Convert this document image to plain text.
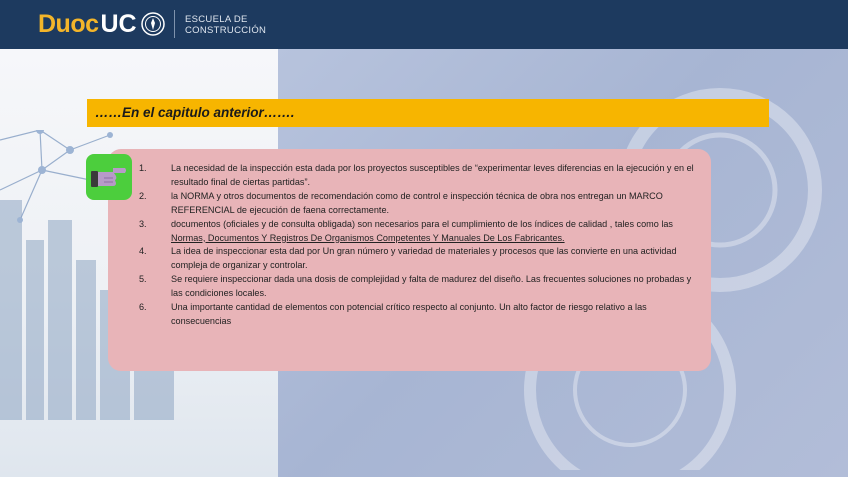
Duoc UC	ESCUELA DE
CONSTRUCCIÓN
……En el capitulo anterior…….
1.	La necesidad de la inspección esta dada por los proyectos susceptibles de “experimentar leves diferencias en la ejecución y en el resultado final de ciertas partidas”.
2.	la NORMA y otros documentos de recomendación como de control e inspección técnica de obra nos entregan un MARCO REFERENCIAL de ejecución de faena correctamente.
3.	documentos (oficiales y de consulta obligada) son necesarios para el cumplimiento de los índices de calidad , tales como las Normas, Documentos Y Registros De Organismos Competentes Y Manuales De Los Fabricantes.
4.	La idea de inspeccionar esta dad por Un gran número y variedad de materiales y procesos que las convierte en una actividad compleja de organizar y controlar.
5.	Se requiere inspeccionar dada una dosis de complejidad y falta de madurez del diseño. Las frecuentes soluciones no probadas y las condiciones locales.
6.	Una importante cantidad de elementos con potencial crítico respecto al conjunto. Un alto factor de riesgo relativo a las consecuencias
